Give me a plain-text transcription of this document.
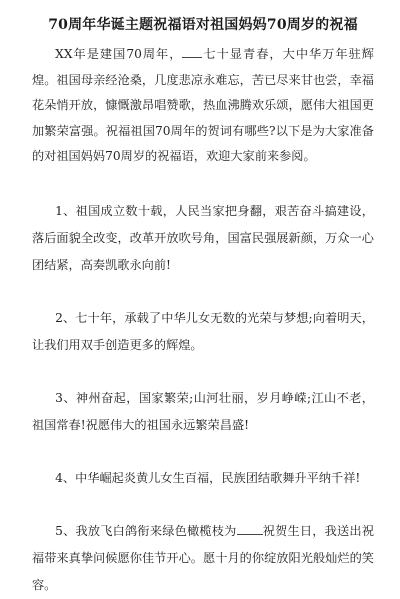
70周年华诞主题祝福语对祖国妈妈70周岁的祝福
XX年是建国70周年， 七十显青春，大中华万年驻辉煌。祖国母亲经沧桑，几度悲凉永难忘，苦已尽来甘也尝，幸福花朵悄开放，慷慨激昂唱赞歌，热血沸腾欢乐颂，愿伟大祖国更加繁荣富强。祝福祖国70周年的贺词有哪些?以下是为大家准备的对祖国妈妈70周岁的祝福语，欢迎大家前来参阅。
1、祖国成立数十载，人民当家把身翻，艰苦奋斗搞建设，落后面貌全改变，改革开放吹号角，国富民强展新颜，万众一心团结紧，高奏凯歌永向前!
2、七十年，承载了中华儿女无数的光荣与梦想;向着明天，让我们用双手创造更多的辉煌。
3、神州奋起，国家繁荣;山河壮丽，岁月峥嵘;江山不老，祖国常春!祝愿伟大的祖国永远繁荣昌盛!
4、中华崛起炎黄儿女生百福，民族团结歌舞升平纳千祥!
5、我放飞白鸽衔来绿色橄榄枝为 祝贺生日，我送出祝福带来真挚问候愿你佳节开心。愿十月的你绽放阳光般灿烂的笑容。
